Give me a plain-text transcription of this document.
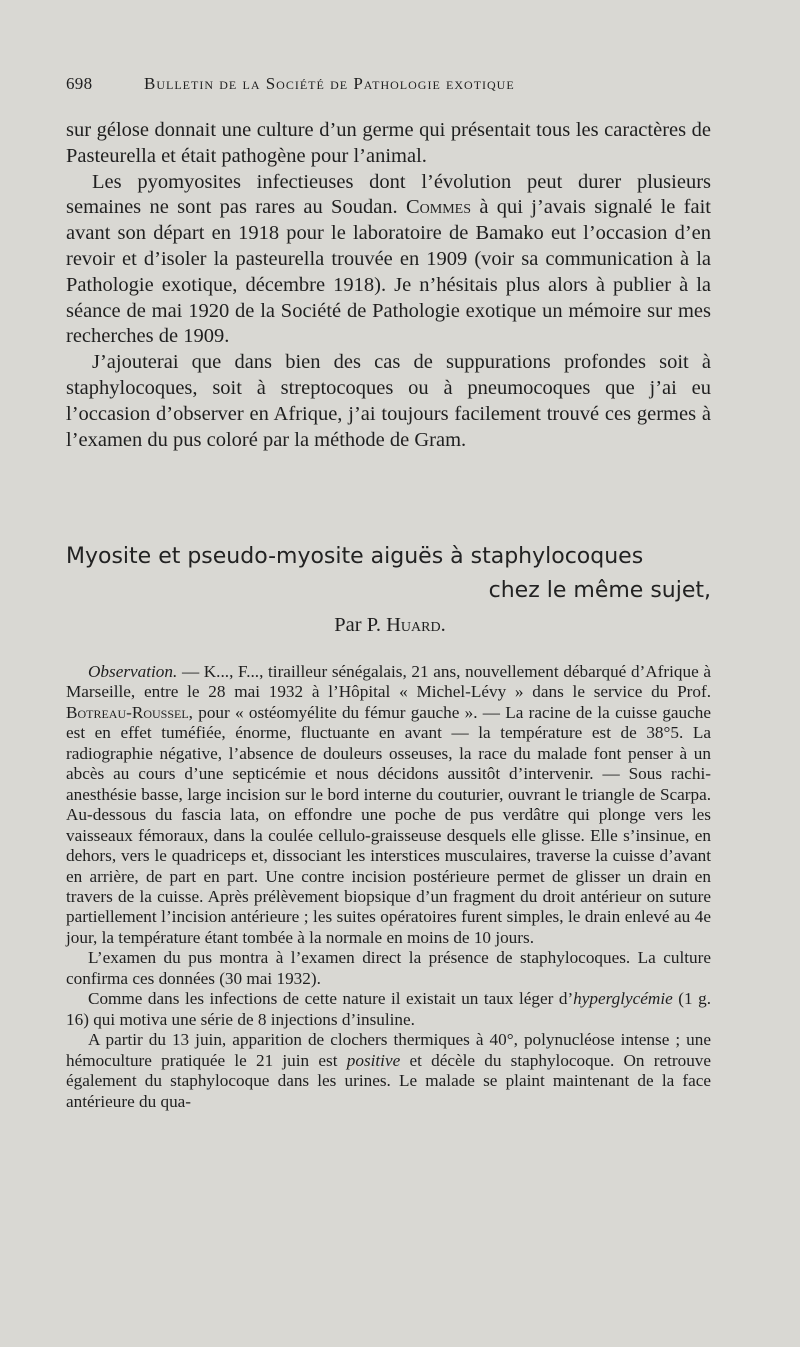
698	Bulletin de la Société de Pathologie exotique

sur gélose donnait une culture d’un germe qui présentait tous les caractères de Pasteurella et était pathogène pour l’animal.

Les pyomyosites infectieuses dont l’évolution peut durer plusieurs semaines ne sont pas rares au Soudan. Commes à qui j’avais signalé le fait avant son départ en 1918 pour le laboratoire de Bamako eut l’occasion d’en revoir et d’isoler la pasteurella trouvée en 1909 (voir sa communication à la Pathologie exotique, décembre 1918). Je n’hésitais plus alors à publier à la séance de mai 1920 de la Société de Pathologie exotique un mémoire sur mes recherches de 1909.

J’ajouterai que dans bien des cas de suppurations profondes soit à staphylocoques, soit à streptocoques ou à pneumocoques que j’ai eu l’occasion d’observer en Afrique, j’ai toujours facilement trouvé ces germes à l’examen du pus coloré par la méthode de Gram.

Myosite et pseudo-myosite aiguës à staphylocoques
chez le même sujet,
Par P. Huard.

Observation. — K..., F..., tirailleur sénégalais, 21 ans, nouvellement débarqué d’Afrique à Marseille, entre le 28 mai 1932 à l’Hôpital « Michel-Lévy » dans le service du Prof. Botreau-Roussel, pour « ostéomyélite du fémur gauche ». — La racine de la cuisse gauche est en effet tuméfiée, énorme, fluctuante en avant — la température est de 38°5. La radiographie négative, l’absence de douleurs osseuses, la race du malade font penser à un abcès au cours d’une septicémie et nous décidons aussitôt d’intervenir. — Sous rachi-anesthésie basse, large incision sur le bord interne du couturier, ouvrant le triangle de Scarpa. Au-dessous du fascia lata, on effondre une poche de pus verdâtre qui plonge vers les vaisseaux fémoraux, dans la coulée cellulo-graisseuse desquels elle glisse. Elle s’insinue, en dehors, vers le quadriceps et, dissociant les interstices musculaires, traverse la cuisse d’avant en arrière, de part en part. Une contre incision postérieure permet de glisser un drain en travers de la cuisse. Après prélèvement biopsique d’un fragment du droit antérieur on suture partiellement l’incision antérieure ; les suites opératoires furent simples, le drain enlevé au 4e jour, la température étant tombée à la normale en moins de 10 jours.

L’examen du pus montra à l’examen direct la présence de staphylocoques. La culture confirma ces données (30 mai 1932).

Comme dans les infections de cette nature il existait un taux léger d’hyperglycémie (1 g. 16) qui motiva une série de 8 injections d’insuline.

A partir du 13 juin, apparition de clochers thermiques à 40°, polynucléose intense ; une hémoculture pratiquée le 21 juin est positive et décèle du staphylocoque. On retrouve également du staphylocoque dans les urines. Le malade se plaint maintenant de la face antérieure du qua-
